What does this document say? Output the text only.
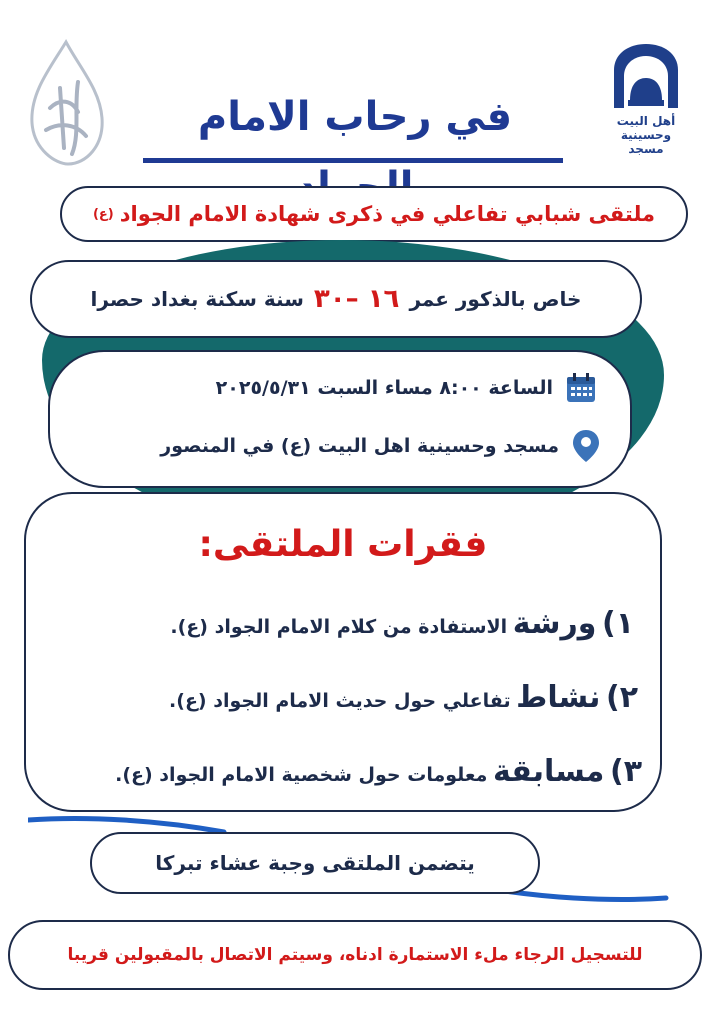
أهل البيت
وحسينية
مسجد
في رحاب الامام
ملتقى شبابي تفاعلي في ذكرى شهادة الامام الجواد
(ع)
خاص بالذكور عمر
١٦ –٣٠
سنة سكنة بغداد حصرا
الساعة ٨:٠٠ مساء السبت ٢٠٢٥/٥/٣١
مسجد وحسينية اهل البيت (ع) في المنصور
فقرات الملتقى:
١) ورشة الاستفادة من كلام الامام الجواد (ع).
٢) نشاط تفاعلي حول حديث الامام الجواد (ع).
٣) مسابقة معلومات حول شخصية الامام الجواد (ع).
يتضمن الملتقى وجبة عشاء تبركا
للتسجيل الرجاء ملء الاستمارة ادناه، وسيتم الاتصال بالمقبولين قريبا
